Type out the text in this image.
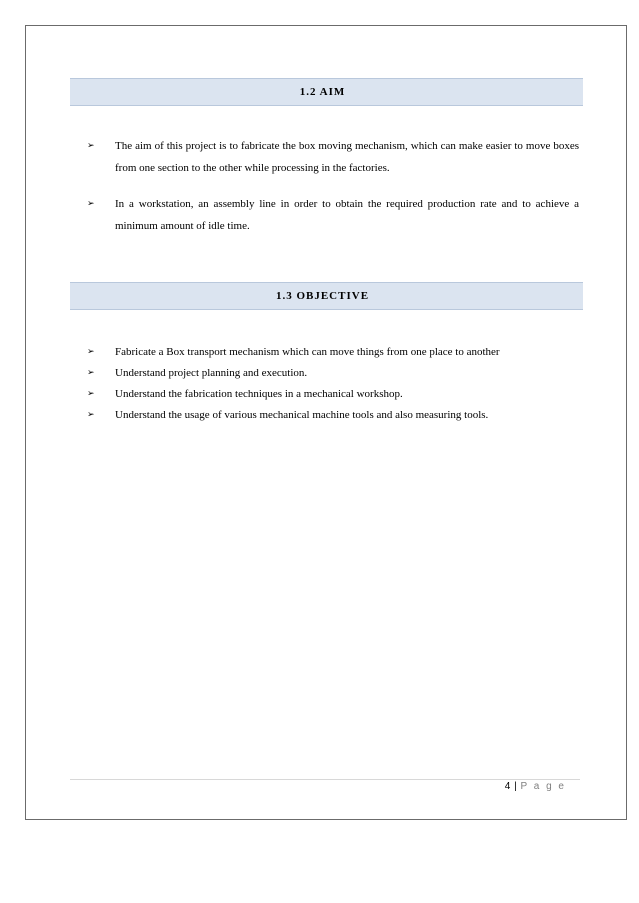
1.2 AIM
➢	The aim of this project is to fabricate the box moving mechanism, which can make easier to move boxes from one section to the other while processing in the factories.
➢	In a workstation, an assembly line in order to obtain the required production rate and to achieve a minimum amount of idle time.
1.3 OBJECTIVE
➢ Fabricate a Box transport mechanism which can move things from one place to another
➢ Understand project planning and execution.
➢ Understand the fabrication techniques in a mechanical workshop.
➢ Understand the usage of various mechanical machine tools and also measuring tools.
4 | P a g e
